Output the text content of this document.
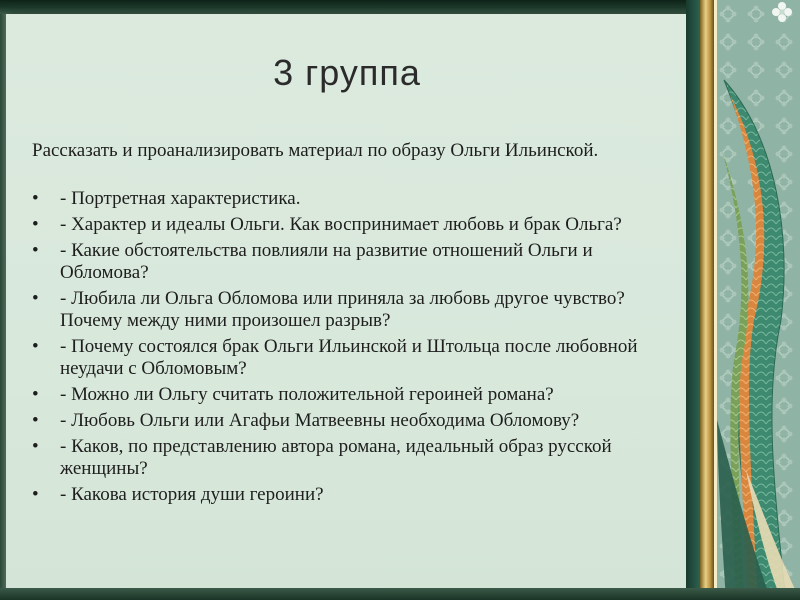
3 группа
Рассказать и проанализировать материал по образу Ольги Ильинской.
•	- Портретная характеристика.
•	- Характер и идеалы Ольги. Как воспринимает любовь и брак Ольга?
•	- Какие обстоятельства повлияли на развитие отношений Ольги и Обломова?
•	- Любила ли Ольга Обломова или приняла за любовь другое чувство? Почему между ними произошел разрыв?
•	- Почему состоялся брак Ольги Ильинской и Штольца после любовной неудачи с Обломовым?
•	- Можно ли Ольгу считать положительной героиней романа?
•	- Любовь Ольги или Агафьи Матвеевны необходима Обломову?
•	- Каков, по представлению автора романа, идеальный образ русской женщины?
•	- Какова история души героини?
